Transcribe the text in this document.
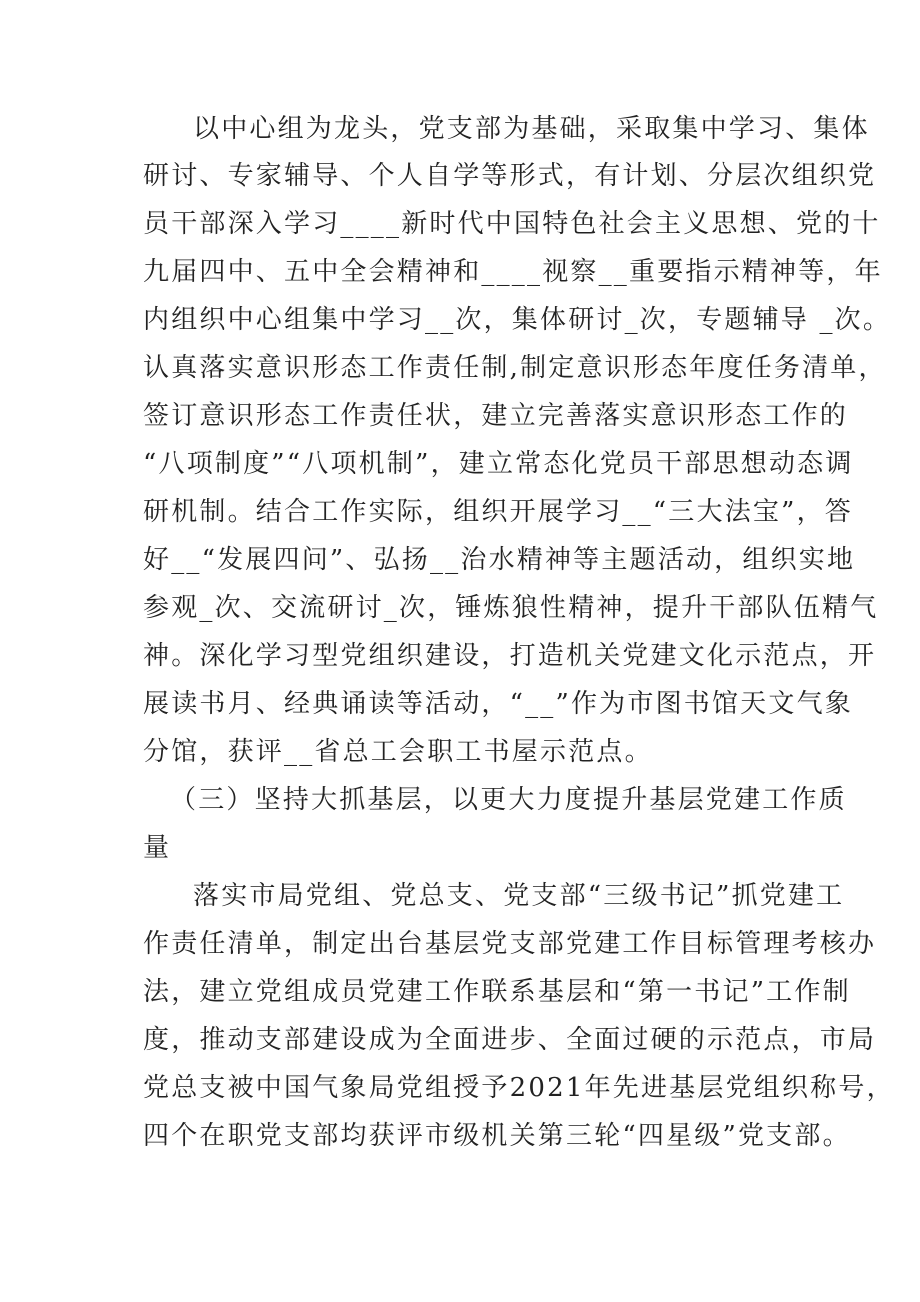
以中心组为龙头，党支部为基础，采取集中学习、集体

研讨、专家辅导、个人自学等形式，有计划、分层次组织党

员干部深入学习____新时代中国特色社会主义思想、党的十

九届四中、五中全会精神和____视察__重要指示精神等，年

内组织中心组集中学习__次，集体研讨_次，专题辅导 _次。

认真落实意识形态工作责任制,制定意识形态年度任务清单，

签订意识形态工作责任状，建立完善落实意识形态工作的

“八项制度”“八项机制”，建立常态化党员干部思想动态调

研机制。结合工作实际，组织开展学习__“三大法宝”，答

好__“发展四问”、弘扬__治水精神等主题活动，组织实地

参观_次、交流研讨_次，锤炼狼性精神，提升干部队伍精气

神。深化学习型党组织建设，打造机关党建文化示范点，开

展读书月、经典诵读等活动，“__”作为市图书馆天文气象

分馆，获评__省总工会职工书屋示范点。

（三）坚持大抓基层，以更大力度提升基层党建工作质

量

落实市局党组、党总支、党支部“三级书记”抓党建工

作责任清单，制定出台基层党支部党建工作目标管理考核办

法，建立党组成员党建工作联系基层和“第一书记”工作制

度，推动支部建设成为全面进步、全面过硬的示范点，市局

党总支被中国气象局党组授予2021年先进基层党组织称号，

四个在职党支部均获评市级机关第三轮“四星级”党支部。
